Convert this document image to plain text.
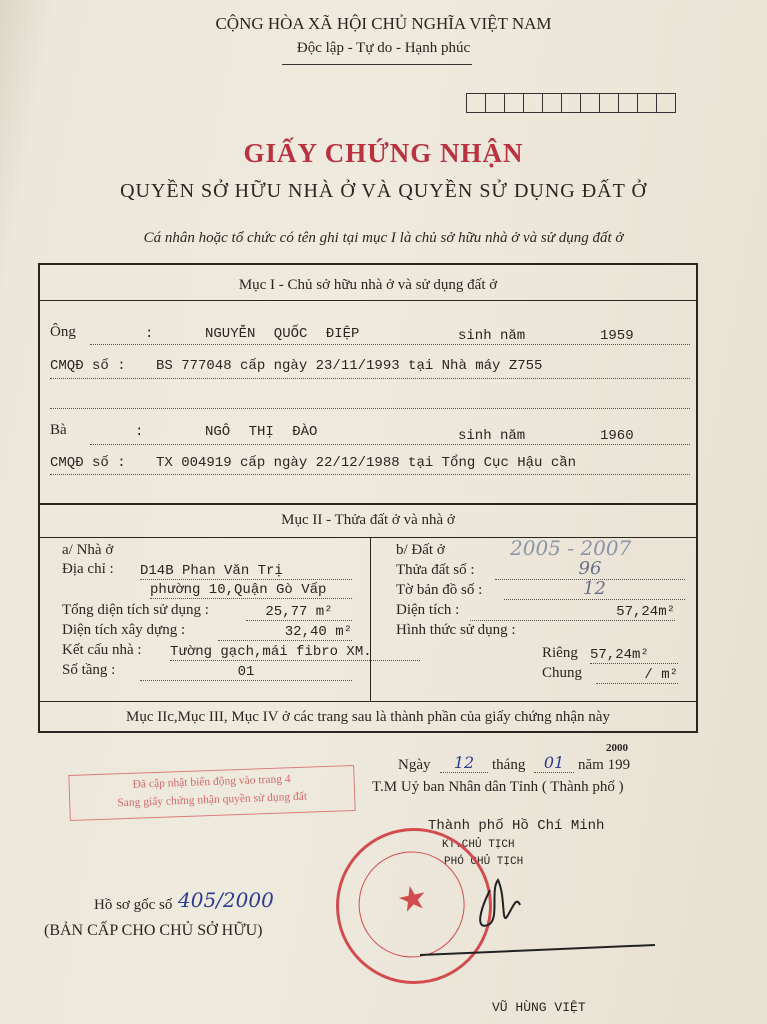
CỘNG HÒA XÃ HỘI CHỦ NGHĨA VIỆT NAM
Độc lập - Tự do - Hạnh phúc
GIẤY CHỨNG NHẬN
QUYỀN SỞ HỮU NHÀ Ở VÀ QUYỀN SỬ DỤNG ĐẤT Ở
Cá nhân hoặc tổ chức có tên ghi tại mục I là chủ sở hữu nhà ở và sử dụng đất ở
Mục I - Chủ sở hữu nhà ở và sử dụng đất ở
Ông	:	NGUYỄN QUỐC ĐIỆP	sinh năm	1959
CMQĐ số : BS 777048 cấp ngày 23/11/1993 tại Nhà máy Z755
Bà	:	NGÔ THỊ ĐÀO	sinh năm	1960
CMQĐ số : TX 004919 cấp ngày 22/12/1988 tại Tổng Cục Hậu cần
Mục II - Thửa đất ở và nhà ở
a/ Nhà ở
Địa chỉ : D14B Phan Văn Trị
phường 10,Quận Gò Vấp
Tổng diện tích sử dụng :	25,77 m²
Diện tích xây dựng :	32,40 m²
Kết cấu nhà : Tường gạch,mái fibro XM.
Số tầng :	01
b/ Đất ở	2005 - 2007
Thửa đất số :	96
Tờ bản đồ số :	12
Diện tích :	57,24m²
Hình thức sử dụng :
Riêng 57,24m²
Chung	/ m²
Mục IIc,Mục III, Mục IV ở các trang sau là thành phần của giấy chứng nhận này
Ngày	12	tháng	01 năm 199
2000
T.M Uỷ ban Nhân dân Tỉnh ( Thành phố )
Đã cập nhật biến động vào trang 4
Sang giấy chứng nhận quyền sử dụng đất
Thành phố Hồ Chí Minh
KT.CHỦ TỊCH
PHÓ CHỦ TỊCH
★
VŨ HÙNG VIỆT
Hồ sơ gốc số 405/2000
(BẢN CẤP CHO CHỦ SỞ HỮU)
